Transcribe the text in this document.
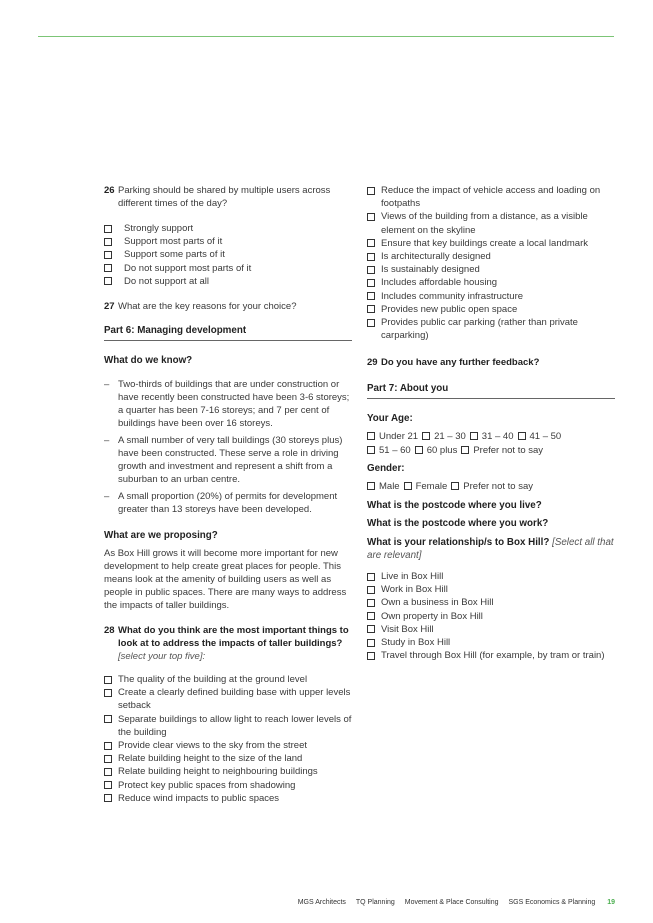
26 Parking should be shared by multiple users across different times of the day?
Strongly support
Support most parts of it
Support some parts of it
Do not support most parts of it
Do not support at all
27 What are the key reasons for your choice?
Part 6: Managing development
What do we know?
– Two-thirds of buildings that are under construction or have recently been constructed have been 3-6 storeys; a quarter has been 7-16 storeys; and 7 per cent of buildings have been over 16 storeys.
– A small number of very tall buildings (30 storeys plus) have been constructed. These serve a role in driving growth and investment and represent a shift from a suburban to an urban centre.
– A small proportion (20%) of permits for development greater than 13 storeys have been developed.
What are we proposing?
As Box Hill grows it will become more important for new development to help create great places for people. This means look at the amenity of building users as well as people in public spaces. There are many ways to address the impacts of taller buildings.
28 What do you think are the most important things to look at to address the impacts of taller buildings? [select your top five]:
The quality of the building at the ground level
Create a clearly defined building base with upper levels setback
Separate buildings to allow light to reach lower levels of the building
Provide clear views to the sky from the street
Relate building height to the size of the land
Relate building height to neighbouring buildings
Protect key public spaces from shadowing
Reduce wind impacts to public spaces
Reduce the impact of vehicle access and loading on footpaths
Views of the building from a distance, as a visible element on the skyline
Ensure that key buildings create a local landmark
Is architecturally designed
Is sustainably designed
Includes affordable housing
Includes community infrastructure
Provides new public open space
Provides public car parking (rather than private carparking)
29 Do you have any further feedback?
Part 7: About you
Your Age:
Under 21 21 – 30 31 – 40 41 – 50
51 – 60 60 plus Prefer not to say
Gender:
Male Female Prefer not to say
What is the postcode where you live?
What is the postcode where you work?
What is your relationship/s to Box Hill? [Select all that are relevant]
Live in Box Hill
Work in Box Hill
Own a business in Box Hill
Own property in Box Hill
Visit Box Hill
Study in Box Hill
Travel through Box Hill (for example, by tram or train)
MGS Architects TQ Planning Movement & Place Consulting SGS Economics & Planning 19
